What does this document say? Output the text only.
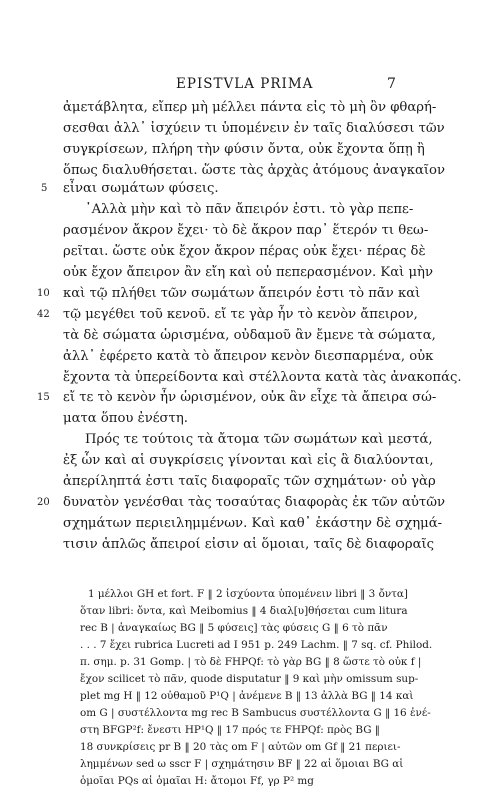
EPISTVLA PRIMA	7
ἀμετάβλητα, εἴπερ μὴ μέλλει πάντα εἰς τὸ μὴ ὂν φθαρή-
σεσθαι ἀλλ᾿ ἰσχύειν τι ὑπομένειν ἐν ταῖς διαλύσεσι τῶν
συγκρίσεων, πλήρη τὴν φύσιν ὄντα, οὐκ ἔχοντα ὅπῃ ἢ
ὅπως διαλυθήσεται. ὥστε τὰς ἀρχὰς ἀτόμους ἀναγκαῖον
5 εἶναι σωμάτων φύσεις.
᾿Αλλὰ μὴν καὶ τὸ πᾶν ἄπειρόν ἐστι. τὸ γὰρ πεπε-
ρασμένον ἄκρον ἔχει· τὸ δὲ ἄκρον παρ᾿ ἕτερόν τι θεω-
ρεῖται. ὥστε οὐκ ἔχον ἄκρον πέρας οὐκ ἔχει· πέρας δὲ
οὐκ ἔχον ἄπειρον ἂν εἴη καὶ οὐ πεπερασμένον. Καὶ μὴν
10 καὶ τῷ πλήθει τῶν σωμάτων ἄπειρόν ἐστι τὸ πᾶν καὶ
42 τῷ μεγέθει τοῦ κενοῦ. εἴ τε γὰρ ἦν τὸ κενὸν ἄπειρον,
τὰ δὲ σώματα ὡρισμένα, οὐδαμοῦ ἂν ἔμενε τὰ σώματα,
ἀλλ᾿ ἐφέρετο κατὰ τὸ ἄπειρον κενὸν διεσπαρμένα, οὐκ
ἔχοντα τὰ ὑπερείδοντα καὶ στέλλοντα κατὰ τὰς ἀνακοπάς.
15 εἴ τε τὸ κενὸν ἦν ὡρισμένον, οὐκ ἂν εἶχε τὰ ἄπειρα σώ-
ματα ὅπου ἐνέστη.
Πρός τε τούτοις τὰ ἄτομα τῶν σωμάτων καὶ μεστά,
ἐξ ὧν καὶ αἱ συγκρίσεις γίνονται καὶ εἰς ἃ διαλύονται,
ἀπερίληπτά ἐστι ταῖς διαφοραῖς τῶν σχημάτων· οὐ γὰρ
20 δυνατὸν γενέσθαι τὰς τοσαύτας διαφορὰς ἐκ τῶν αὐτῶν
σχημάτων περιειλημμένων. Καὶ καθ᾿ ἑκάστην δὲ σχημά-
τισιν ἁπλῶς ἄπειροί εἰσιν αἱ ὅμοιαι, ταῖς δὲ διαφοραῖς
1 μέλλοι GH et fort. F ‖ 2 ἰσχύοντα ὑπομένειν libri ‖ 3 ὄντα]
ὅταν libri: ὄντα, καὶ Meibomius ‖ 4 διαλ[υ]θήσεται cum litura
rec B | ἀναγκαίως BG ‖ 5 φύσεις] τὰς φύσεις G ‖ 6 τὸ πᾶν
. . . 7 ἔχει rubrica Lucreti ad I 951 p. 249 Lachm. ‖ 7 sq. cf. Philod.
π. σημ. p. 31 Gomp. | τὸ δὲ FHPQf: τὸ γὰρ BG ‖ 8 ὥστε τὸ οὐκ f |
ἔχον scilicet τὸ πᾶν, quode disputatur ‖ 9 καὶ μὴν omissum sup-
plet mg H ‖ 12 οὐθαμοῦ P¹Q | ἀνέμενε B ‖ 13 ἀλλὰ BG ‖ 14 καὶ
om G | συστέλλοντα mg rec B Sambucus συστέλλοντα G ‖ 16 ἐνέ-
στη BFGP²f: ἔνεστι HP¹Q ‖ 17 πρός τε FHPQf: πρὸς BG ‖
18 συνκρίσεις pr B ‖ 20 τὰς om F | αὐτῶν om Gf ‖ 21 περιει-
λημμένων sed ω sscr F | σχημάτησιν BF ‖ 22 αἱ ὅμοιαι BG αἱ
ὁμοῖαι PQs αἱ ὁμαῖαι H: ἄτομοι Ff, γρ P² mg
